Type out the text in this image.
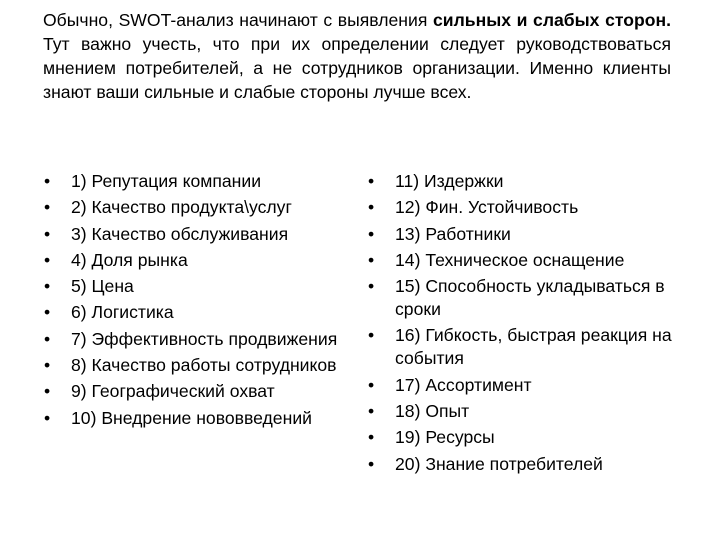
Обычно, SWOT-анализ начинают с выявления сильных и слабых сторон. Тут важно учесть, что при их определении следует руководствоваться мнением потребителей, а не сотрудников организации. Именно клиенты знают ваши сильные и слабые стороны лучше всех.

•	1) Репутация компании
•	2) Качество продукта\услуг
•	3) Качество обслуживания
•	4) Доля рынка
•	5) Цена
•	6) Логистика
•	7) Эффективность продвижения
•	8) Качество работы сотрудников
•	9) Географический охват
•	10) Внедрение нововведений
•	11) Издержки
•	12) Фин. Устойчивость
•	13) Работники
•	14) Техническое оснащение
•	15) Способность укладываться в сроки
•	16) Гибкость, быстрая реакция на события
•	17) Ассортимент
•	18) Опыт
•	19) Ресурсы
•	20) Знание потребителей
